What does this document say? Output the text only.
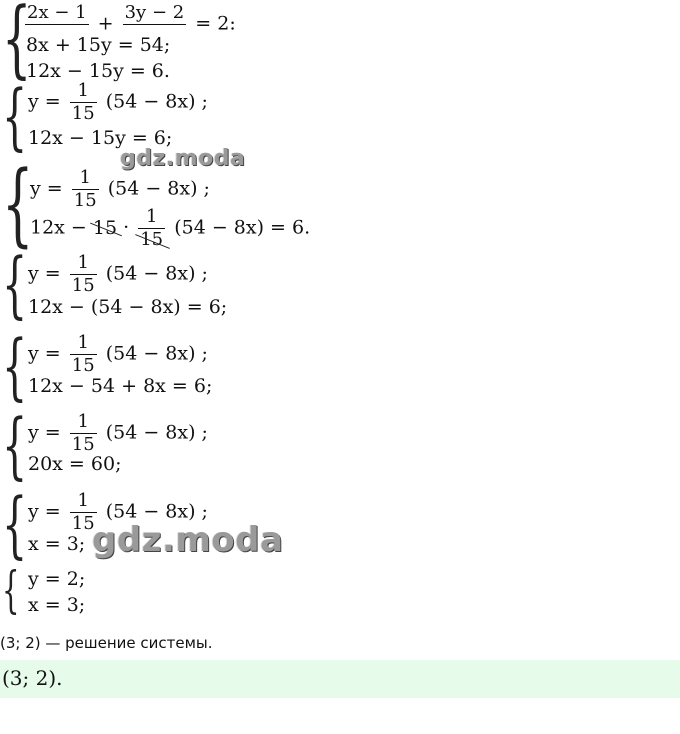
{
2x − 1 + 3y − 2 = 2:
8x + 15y = 54;
12x − 15y = 6.
{ $y = \frac{1}{15} (54 - 8x)$ ;
12x − 15y = 6;
gdz.moda
{
$y = \frac{1}{15} (54 - 8x)$ ;
$12x - 15 \cdot \frac{1}{15} (54 - 8x) = 6$.
{ $y = \frac{1}{15} (54 - 8x)$ ;
12x − (54 − 8x) = 6;
{ $y = \frac{1}{15} (54 - 8x)$ ;
12x − 54 + 8x = 6;
{ $y = \frac{1}{15} (54 - 8x)$ ;
20x = 60;
{ $y = \frac{1}{15} (54 - 8x)$ ;
x = 3; gdz.moda
{ y = 2;
x = 3;
(3; 2) — решение системы.
(3; 2).
